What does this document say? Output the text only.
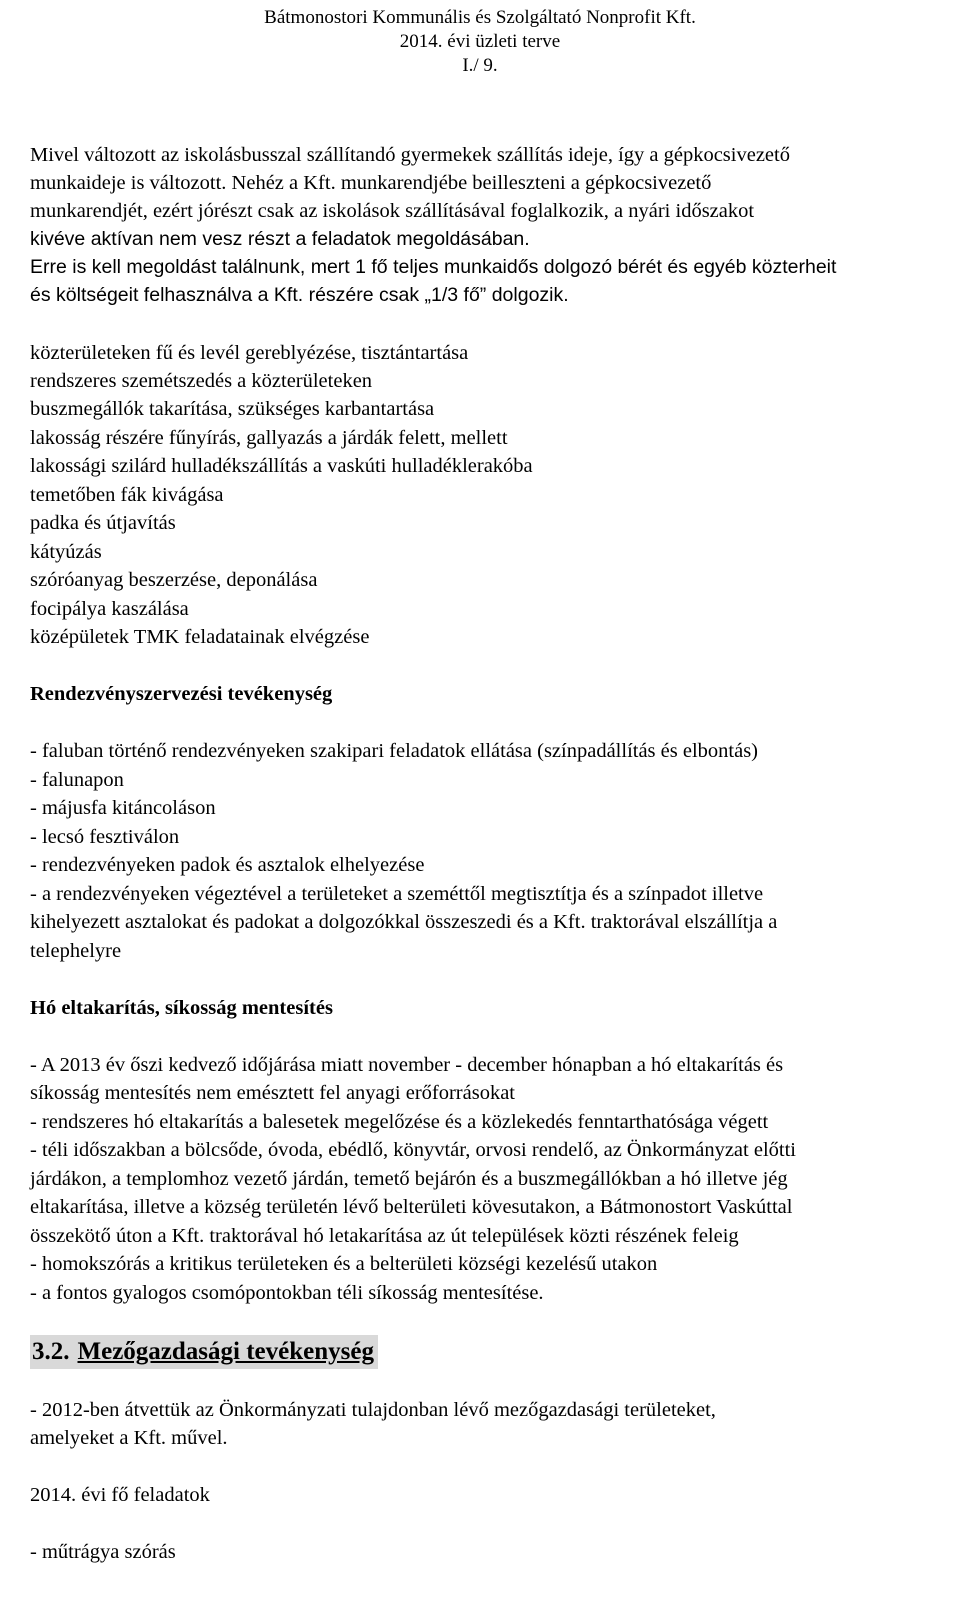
Bátmonostori Kommunális és Szolgáltató Nonprofit Kft.
2014. évi üzleti terve
I./ 9.
Mivel változott az iskolásbusszal szállítandó gyermekek szállítás ideje, így a gépkocsivezető
munkaideje is változott. Nehéz a Kft. munkarendjébe beilleszteni a gépkocsivezető
munkarendjét, ezért jórészt csak az iskolások szállításával foglalkozik, a nyári időszakot
kivéve aktívan nem vesz részt a feladatok megoldásában.
Erre is kell megoldást találnunk, mert 1 fő teljes munkaidős dolgozó bérét és egyéb közterheit
és költségeit felhasználva a Kft. részére csak „1/3 fő” dolgozik.
közterületeken fű és levél gereblyézése, tisztántartása
rendszeres szemétszedés a közterületeken
buszmegállók takarítása, szükséges karbantartása
lakosság részére fűnyírás, gallyazás a járdák felett, mellett
lakossági szilárd hulladékszállítás a vaskúti hulladéklerakóba
temetőben fák kivágása
padka és útjavítás
kátyúzás
szóróanyag beszerzése, deponálása
focipálya kaszálása
középületek TMK feladatainak elvégzése
Rendezvényszervezési tevékenység
- faluban történő rendezvényeken szakipari feladatok ellátása (színpadállítás és elbontás)
- falunapon
- májusfa kitáncoláson
- lecsó fesztiválon
- rendezvényeken padok és asztalok elhelyezése
- a rendezvényeken végeztével a területeket a szeméttől megtisztítja és a színpadot illetve
kihelyezett asztalokat és padokat a dolgozókkal összeszedi és a Kft. traktorával elszállítja a
telephelyre
Hó eltakarítás, síkosság mentesítés
- A 2013 év őszi kedvező időjárása miatt november - december hónapban a hó eltakarítás és
síkosság mentesítés nem emésztett fel anyagi erőforrásokat
- rendszeres hó eltakarítás a balesetek megelőzése és a közlekedés fenntarthatósága végett
- téli időszakban a bölcsőde, óvoda, ebédlő, könyvtár, orvosi rendelő, az Önkormányzat előtti
járdákon, a templomhoz vezető járdán, temető bejárón és a buszmegállókban a hó illetve jég
eltakarítása, illetve a község területén lévő belterületi kövesutakon, a Bátmonostort Vaskúttal
összekötő úton a Kft. traktorával hó letakarítása az út települések közti részének feleig
- homokszórás a kritikus területeken és a belterületi községi kezelésű utakon
- a fontos gyalogos csomópontokban téli síkosság mentesítése.
3.2. Mezőgazdasági tevékenység
- 2012-ben átvettük az Önkormányzati tulajdonban lévő mezőgazdasági területeket,
amelyeket a Kft. művel.
2014. évi fő feladatok
- műtrágya szórás
